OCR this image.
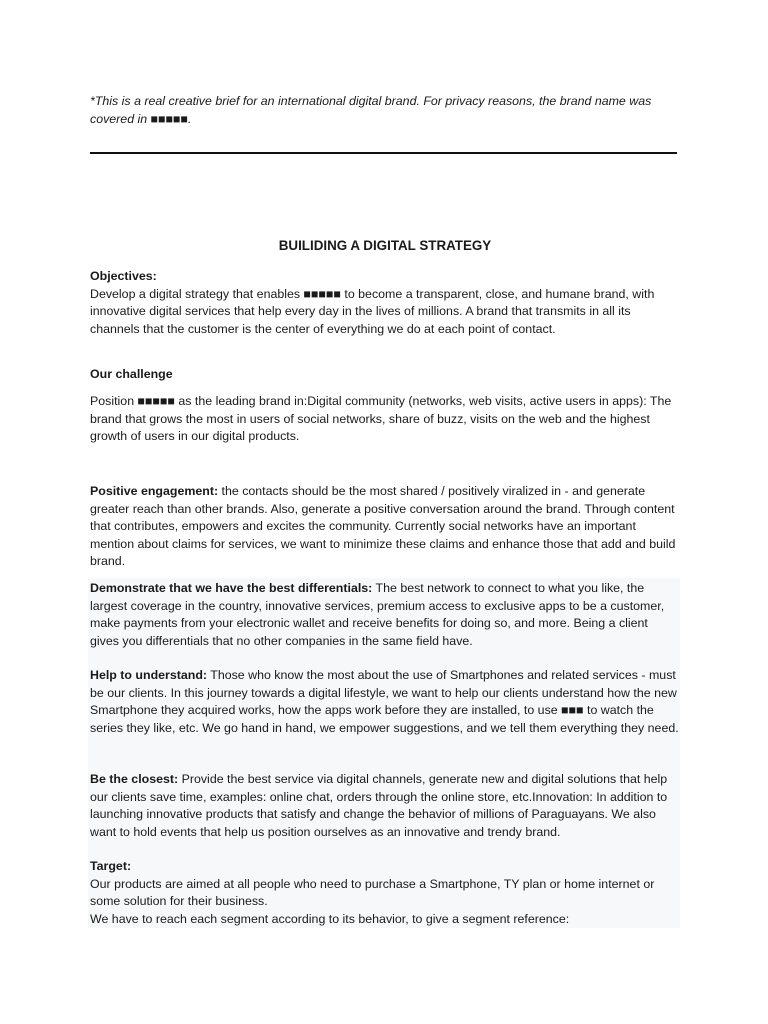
*This is a real creative brief for an international digital brand. For privacy reasons, the brand name was covered in ■■■■■.

BUILIDING A DIGITAL STRATEGY
Objectives:
Develop a digital strategy that enables ■■■■■ to become a transparent, close, and humane brand, with innovative digital services that help every day in the lives of millions. A brand that transmits in all its channels that the customer is the center of everything we do at each point of contact.
Our challenge
Position ■■■■■ as the leading brand in:Digital community (networks, web visits, active users in apps): The brand that grows the most in users of social networks, share of buzz, visits on the web and the highest growth of users in our digital products.
Positive engagement: the contacts should be the most shared / positively viralized in - and generate greater reach than other brands. Also, generate a positive conversation around the brand. Through content that contributes, empowers and excites the community. Currently social networks have an important mention about claims for services, we want to minimize these claims and enhance those that add and build brand.
Demonstrate that we have the best differentials: The best network to connect to what you like, the largest coverage in the country, innovative services, premium access to exclusive apps to be a customer, make payments from your electronic wallet and receive benefits for doing so, and more. Being a client gives you differentials that no other companies in the same field have.
Help to understand: Those who know the most about the use of Smartphones and related services - must be our clients. In this journey towards a digital lifestyle, we want to help our clients understand how the new Smartphone they acquired works, how the apps work before they are installed, to use ■■■ to watch the series they like, etc. We go hand in hand, we empower suggestions, and we tell them everything they need.
Be the closest: Provide the best service via digital channels, generate new and digital solutions that help our clients save time, examples: online chat, orders through the online store, etc.Innovation: In addition to launching innovative products that satisfy and change the behavior of millions of Paraguayans. We also want to hold events that help us position ourselves as an innovative and trendy brand.
Target:
Our products are aimed at all people who need to purchase a Smartphone, TY plan or home internet or some solution for their business.
We have to reach each segment according to its behavior, to give a segment reference:
